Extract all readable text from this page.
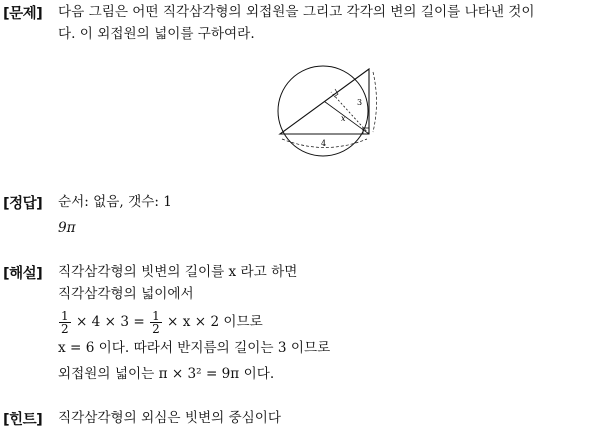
[문제] 다음 그림은 어떤 직각삼각형의 외접원을 그리고 각각의 변의 길이를 나타낸 것이
다. 이 외접원의 넓이를 구하여라.
4
3
x
[정답] 순서: 없음, 갯수: 1
9π
[해설] 직각삼각형의 빗변의 길이를 x 라고 하면
직각삼각형의 넓이에서
$\frac{1}{2} \times 4 \times 3 = \frac{1}{2} \times x \times 2$ 이므로
x = 6 이다. 따라서 반지름의 길이는 3 이므로
외접원의 넓이는 π × 3² = 9π 이다.
[힌트] 직각삼각형의 외심은 빗변의 중심이다
